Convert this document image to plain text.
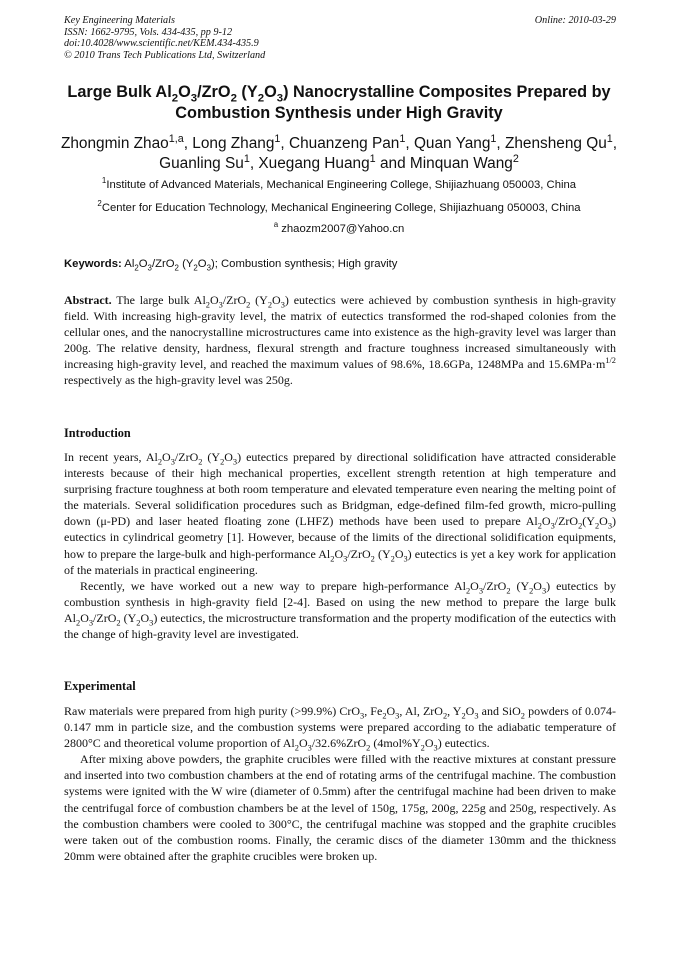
Key Engineering Materials	Online: 2010-03-29
ISSN: 1662-9795, Vols. 434-435, pp 9-12
doi:10.4028/www.scientific.net/KEM.434-435.9
© 2010 Trans Tech Publications Ltd, Switzerland
Large Bulk $Al_2O_3/ZrO_2$ $(Y_2O_3)$ Nanocrystalline Composites Prepared by Combustion Synthesis under High Gravity
Zhongmin Zhao$^{1,a}$, Long Zhang$^1$, Chuanzeng Pan$^1$, Quan Yang$^1$, Zhensheng Qu$^1$, Guanling Su$^1$, Xuegang Huang$^1$ and Minquan Wang$^2$
$^1$Institute of Advanced Materials, Mechanical Engineering College, Shijiazhuang 050003, China
$^2$Center for Education Technology, Mechanical Engineering College, Shijiazhuang 050003, China
$^a$ zhaozm2007@Yahoo.cn
Keywords: $Al_2O_3/ZrO_2$ $(Y_2O_3)$; Combustion synthesis; High gravity
Abstract. The large bulk $Al_2O_3/ZrO_2$ $(Y_2O_3)$ eutectics were achieved by combustion synthesis in high-gravity field. With increasing high-gravity level, the matrix of eutectics transformed the rod-shaped colonies from the cellular ones, and the nanocrystalline microstructures came into existence as the high-gravity level was larger than 200g. The relative density, hardness, flexural strength and fracture toughness increased simultaneously with increasing high-gravity level, and reached the maximum values of 98.6%, 18.6GPa, 1248MPa and $15.6MPa\cdot m^{1/2}$ respectively as the high-gravity level was 250g.
Introduction

In recent years, $Al_2O_3/ZrO_2$ $(Y_2O_3)$ eutectics prepared by directional solidification have attracted considerable interests because of their high mechanical properties, excellent strength retention at high temperature and surprising fracture toughness at both room temperature and elevated temperature even nearing the melting point of the materials. Several solidification procedures such as Bridgman, edge-defined film-fed growth, micro-pulling down (μ-PD) and laser heated floating zone (LHFZ) methods have been used to prepare $Al_2O_3/ZrO_2(Y_2O_3)$ eutectics in cylindrical geometry [1]. However, because of the limits of the directional solidification equipments, how to prepare the large-bulk and high-performance $Al_2O_3/ZrO_2$ $(Y_2O_3)$ eutectics is yet a key work for application of the materials in practical engineering.

Recently, we have worked out a new way to prepare high-performance $Al_2O_3/ZrO_2$ $(Y_2O_3)$ eutectics by combustion synthesis in high-gravity field [2-4]. Based on using the new method to prepare the large bulk $Al_2O_3/ZrO_2$ $(Y_2O_3)$ eutectics, the microstructure transformation and the property modification of the eutectics with the change of high-gravity level are investigated.

Experimental

Raw materials were prepared from high purity (>99.9%) CrO$_3$, $Fe_2O_3$, Al, ZrO$_2$, $Y_2O_3$ and SiO$_2$ powders of 0.074-0.147 mm in particle size, and the combustion systems were prepared according to the adiabatic temperature of 2800°C and theoretical volume proportion of $Al_2O_3/32.6\%ZrO_2$ $(4mol\%Y_2O_3)$ eutectics.

After mixing above powders, the graphite crucibles were filled with the reactive mixtures at constant pressure and inserted into two combustion chambers at the end of rotating arms of the centrifugal machine. The combustion systems were ignited with the W wire (diameter of 0.5mm) after the centrifugal machine had been driven to make the centrifugal force of combustion chambers be at the level of 150g, 175g, 200g, 225g and 250g, respectively. As the combustion chambers were cooled to 300°C, the centrifugal machine was stopped and the graphite crucibles were taken out of the combustion rooms. Finally, the ceramic discs of the diameter 130mm and the thickness 20mm were obtained after the graphite crucibles were broken up.
